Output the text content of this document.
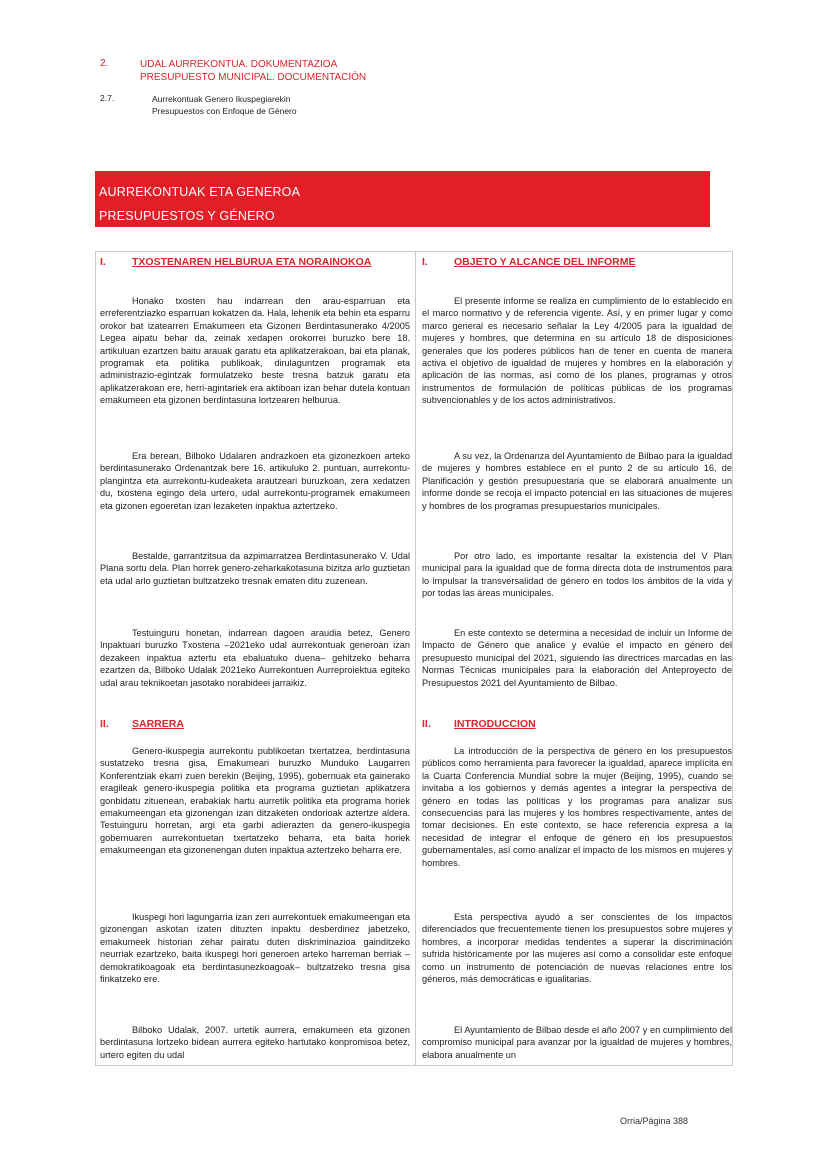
2.	UDAL AURREKONTUA. DOKUMENTAZIOA
PRESUPUESTO MUNICIPAL. DOCUMENTACIÓN
2.7.	Aurrekontuak Genero Ikuspegiarekin
Presupuestos con Enfoque de Género
AURREKONTUAK ETA GENEROA
PRESUPUESTOS Y GÉNERO
I. TXOSTENAREN HELBURUA ETA NORAINOKOA
Honako txosten hau indarrean den arau-esparruan eta erreferentziazko esparruan kokatzen da. Hala, lehenik eta behin eta esparru orokor bat izatearren Emakumeen eta Gizonen Berdintasunerako 4/2005 Legea aipatu behar da, zeinak xedapen orokorrei buruzko bere 18. artikuluan ezartzen baitu arauak garatu eta aplikatzerakoan, bai eta planak, programak eta politika publikoak, dirulaguntzen programak eta administrazio-egintzak formulatzeko beste tresna batzuk garatu eta aplikatzerakoan ere, herri-agintariek era aktiboan izan behar dutela kontuan emakumeen eta gizonen berdintasuna lortzearen helburua.
Era berean, Bilboko Udalaren andrazkoen eta gizonezkoen arteko berdintasunerako Ordenantzak bere 16. artikuluko 2. puntuan, aurrekontu-plangintza eta aurrekontu-kudeaketa arautzeari buruzkoan, zera xedatzen du, txostena egingo dela urtero, udal aurrekontu-programek emakumeen eta gizonen egoeretan izan lezaketen inpaktua aztertzeko.
Bestalde, garrantzitsua da azpimarratzea Berdintasunerako V. Udal Plana sortu dela. Plan horrek genero-zeharkakotasuna bizitza arlo guztietan eta udal arlo guztietan bultzatzeko tresnak ematen ditu zuzenean.
Testuinguru honetan, indarrean dagoen araudia betez, Genero Inpaktuari buruzko Txostena –2021eko udal aurrekontuak generoan izan dezakeen inpaktua aztertu eta ebaluatuko duena– gehitzeko beharra ezartzen da, Bilboko Udalak 2021eko Aurrekontuen Aurreproiektua egiteko udal arau teknikoetan jasotako norabideei jarraikiz.
II. SARRERA
Genero-ikuspegia aurrekontu publikoetan txertatzea, berdintasuna sustatzeko tresna gisa, Emakumeari buruzko Munduko Laugarren Konferentziak ekarri zuen berekin (Beijing, 1995), gobernuak eta gainerako eragileak genero-ikuspegia politika eta programa guztietan aplikatzera gonbidatu zituenean, erabakiak hartu aurretik politika eta programa horiek emakumeengan eta gizonengan izan ditzaketen ondorioak aztertze aldera. Testuinguru horretan, argi eta garbi adierazten da genero-ikuspegia gobernuaren aurrekontuetan txertatzeko beharra, eta baita horiek emakumeengan eta gizonenengan duten inpaktua aztertzeko beharra ere.
Ikuspegi hori lagungarria izan zen aurrekontuek emakumeengan eta gizonengan askotan izaten dituzten inpaktu desberdinez jabetzeko, emakumeek historian zehar pairatu duten diskriminazioa gainditzeko neurriak ezartzeko, baita ikuspegi hori generoen arteko harreman berriak –demokratikoagoak eta berdintasunezkoagoak– bultzatzeko tresna gisa finkatzeko ere.
Bilboko Udalak, 2007. urtetik aurrera, emakumeen eta gizonen berdintasuna lortzeko bidean aurrera egiteko hartutako konpromisoa betez, urtero egiten du udal
I. OBJETO Y ALCANCE DEL INFORME
El presente informe se realiza en cumplimiento de lo establecido en el marco normativo y de referencia vigente. Así, y en primer lugar y como marco general es necesario señalar la Ley 4/2005 para la igualdad de mujeres y hombres, que determina en su artículo 18 de disposiciones generales que los poderes públicos han de tener en cuenta de manera activa el objetivo de igualdad de mujeres y hombres en la elaboración y aplicación de las normas, así como de los planes, programas y otros instrumentos de formulación de políticas públicas de los programas subvencionables y de los actos administrativos.
A su vez, la Ordenanza del Ayuntamiento de Bilbao para la igualdad de mujeres y hombres establece en el punto 2 de su artículo 16, de Planificación y gestión presupuestaria que se elaborará anualmente un informe donde se recoja el impacto potencial en las situaciones de mujeres y hombres de los programas presupuestarios municipales.
Por otro lado, es importante resaltar la existencia del V Plan municipal para la igualdad que de forma directa dota de instrumentos para lo impulsar la transversalidad de género en todos los ámbitos de la vida y por todas las áreas municipales.
En este contexto se determina a necesidad de incluir un Informe de Impacto de Género que analice y evalúe el impacto en género del presupuesto municipal del 2021, siguiendo las directrices marcadas en las Normas Técnicas municipales para la elaboración del Anteproyecto de Presupuestos 2021 del Ayuntamiento de Bilbao.
II. INTRODUCCION
La introducción de la perspectiva de género en los presupuestos públicos como herramienta para favorecer la igualdad, aparece implícita en la Cuarta Conferencia Mundial sobre la mujer (Beijing, 1995), cuando se invitaba a los gobiernos y demás agentes a integrar la perspectiva de género en todas las políticas y los programas para analizar sus consecuencias para las mujeres y los hombres respectivamente, antes de tomar decisiones. En este contexto, se hace referencia expresa a la necesidad de integrar el enfoque de género en los presupuestos gubernamentales, así como analizar el impacto de los mismos en mujeres y hombres.
Esta perspectiva ayudó a ser conscientes de los impactos diferenciados que frecuentemente tienen los presupuestos sobre mujeres y hombres, a incorporar medidas tendentes a superar la discriminación sufrida históricamente por las mujeres así como a consolidar este enfoque como un instrumento de potenciación de nuevas relaciones entre los géneros, más democráticas e igualitarias.
El Ayuntamiento de Bilbao desde el año 2007 y en cumplimiento del compromiso municipal para avanzar por la igualdad de mujeres y hombres, elabora anualmente un
Orria/Página 388
